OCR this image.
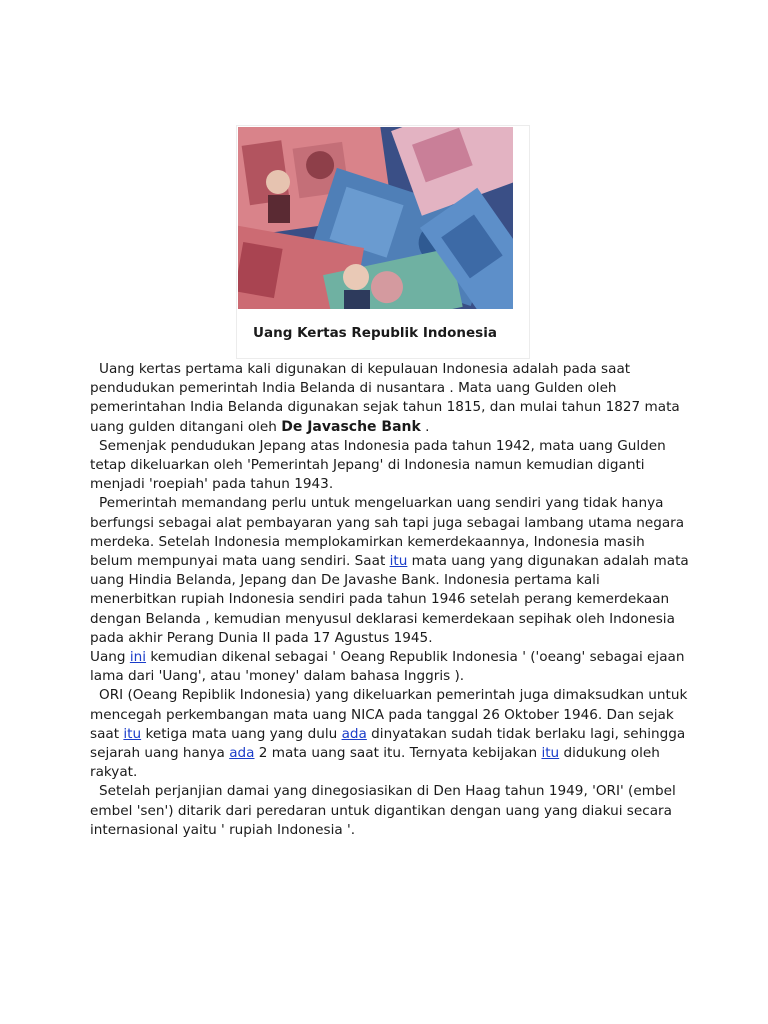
Uang Kertas Republik Indonesia

Uang kertas pertama kali digunakan di kepulauan Indonesia adalah pada saat pendudukan pemerintah India Belanda di nusantara . Mata uang Gulden oleh pemerintahan India Belanda digunakan sejak tahun 1815, dan mulai tahun 1827 mata uang gulden ditangani oleh De Javasche Bank .

Semenjak pendudukan Jepang atas Indonesia pada tahun 1942, mata uang Gulden tetap dikeluarkan oleh 'Pemerintah Jepang' di Indonesia namun kemudian diganti menjadi 'roepiah' pada tahun 1943.

Pemerintah memandang perlu untuk mengeluarkan uang sendiri yang tidak hanya berfungsi sebagai alat pembayaran yang sah tapi juga sebagai lambang utama negara merdeka. Setelah Indonesia memplokamirkan kemerdekaannya, Indonesia masih belum mempunyai mata uang sendiri. Saat itu mata uang yang digunakan adalah mata uang Hindia Belanda, Jepang dan De Javashe Bank. Indonesia pertama kali menerbitkan rupiah Indonesia sendiri pada tahun 1946 setelah perang kemerdekaan dengan Belanda , kemudian menyusul deklarasi kemerdekaan sepihak oleh Indonesia pada akhir Perang Dunia II pada 17 Agustus 1945.

Uang ini kemudian dikenal sebagai ' Oeang Republik Indonesia ' ('oeang' sebagai ejaan lama dari 'Uang', atau 'money' dalam bahasa Inggris ).

ORI (Oeang Repiblik Indonesia) yang dikeluarkan pemerintah juga dimaksudkan untuk mencegah perkembangan mata uang NICA pada tanggal 26 Oktober 1946. Dan sejak saat itu ketiga mata uang yang dulu ada dinyatakan sudah tidak berlaku lagi, sehingga sejarah uang hanya ada 2 mata uang saat itu. Ternyata kebijakan itu didukung oleh rakyat.

Setelah perjanjian damai yang dinegosiasikan di Den Haag tahun 1949, 'ORI' (embel embel 'sen') ditarik dari peredaran untuk digantikan dengan uang yang diakui secara internasional yaitu ' rupiah Indonesia '.
